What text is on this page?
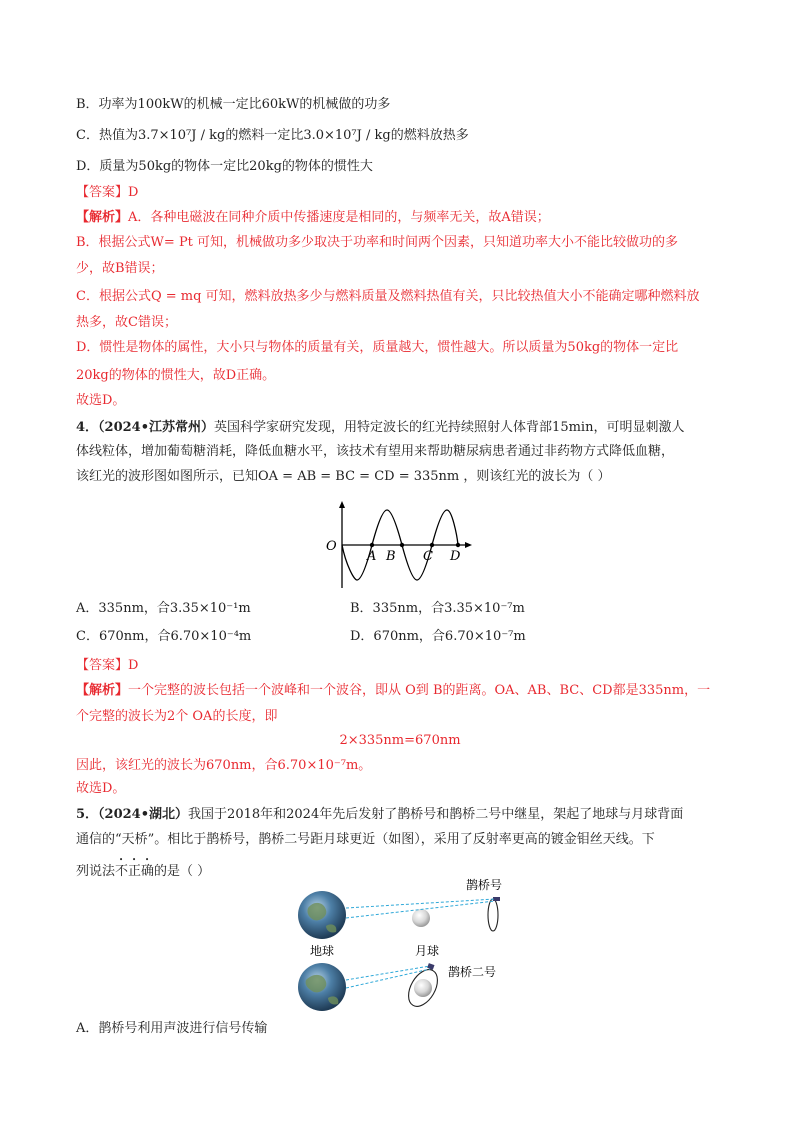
B．功率为100kW的机械一定比60kW的机械做的功多
C．热值为3.7×10⁷J / kg的燃料一定比3.0×10⁷J / kg的燃料放热多
D．质量为50kg的物体一定比20kg的物体的惯性大
【答案】D
【解析】A．各种电磁波在同种介质中传播速度是相同的，与频率无关，故A错误；
B．根据公式W= Pt 可知，机械做功多少取决于功率和时间两个因素，只知道功率大小不能比较做功的多
少，故B错误；
C．根据公式Q = mq 可知，燃料放热多少与燃料质量及燃料热值有关，只比较热值大小不能确定哪种燃料放
热多，故C错误；
D．惯性是物体的属性，大小只与物体的质量有关，质量越大，惯性越大。所以质量为50kg的物体一定比
20kg的物体的惯性大，故D正确。
故选D。
4．（2024•江苏常州）英国科学家研究发现，用特定波长的红光持续照射人体背部15min，可明显刺激人
体线粒体，增加葡萄糖消耗，降低血糖水平，该技术有望用来帮助糖尿病患者通过非药物方式降低血糖，
该红光的波形图如图所示，已知OA = AB = BC = CD = 335nm ，则该红光的波长为（ ）
O
A B C D
A．335nm，合3.35×10⁻¹m	B．335nm，合3.35×10⁻⁷m
C．670nm，合6.70×10⁻⁴m	D．670nm，合6.70×10⁻⁷m
【答案】D
【解析】一个完整的波长包括一个波峰和一个波谷，即从 O到 B的距离。OA、AB、BC、CD都是335nm，一
个完整的波长为2个 OA的长度，即
2×335nm=670nm
因此，该红光的波长为670nm，合6.70×10⁻⁷m。
故选D。
5．（2024•湖北）我国于2018年和2024年先后发射了鹊桥号和鹊桥二号中继星，架起了地球与月球背面
通信的“天桥”。相比于鹊桥号，鹊桥二号距月球更近（如图），采用了反射率更高的镀金钼丝天线。下
列说法不正确的是（ ）
鹊桥号
地球	月球
鹊桥二号
A．鹊桥号利用声波进行信号传输
